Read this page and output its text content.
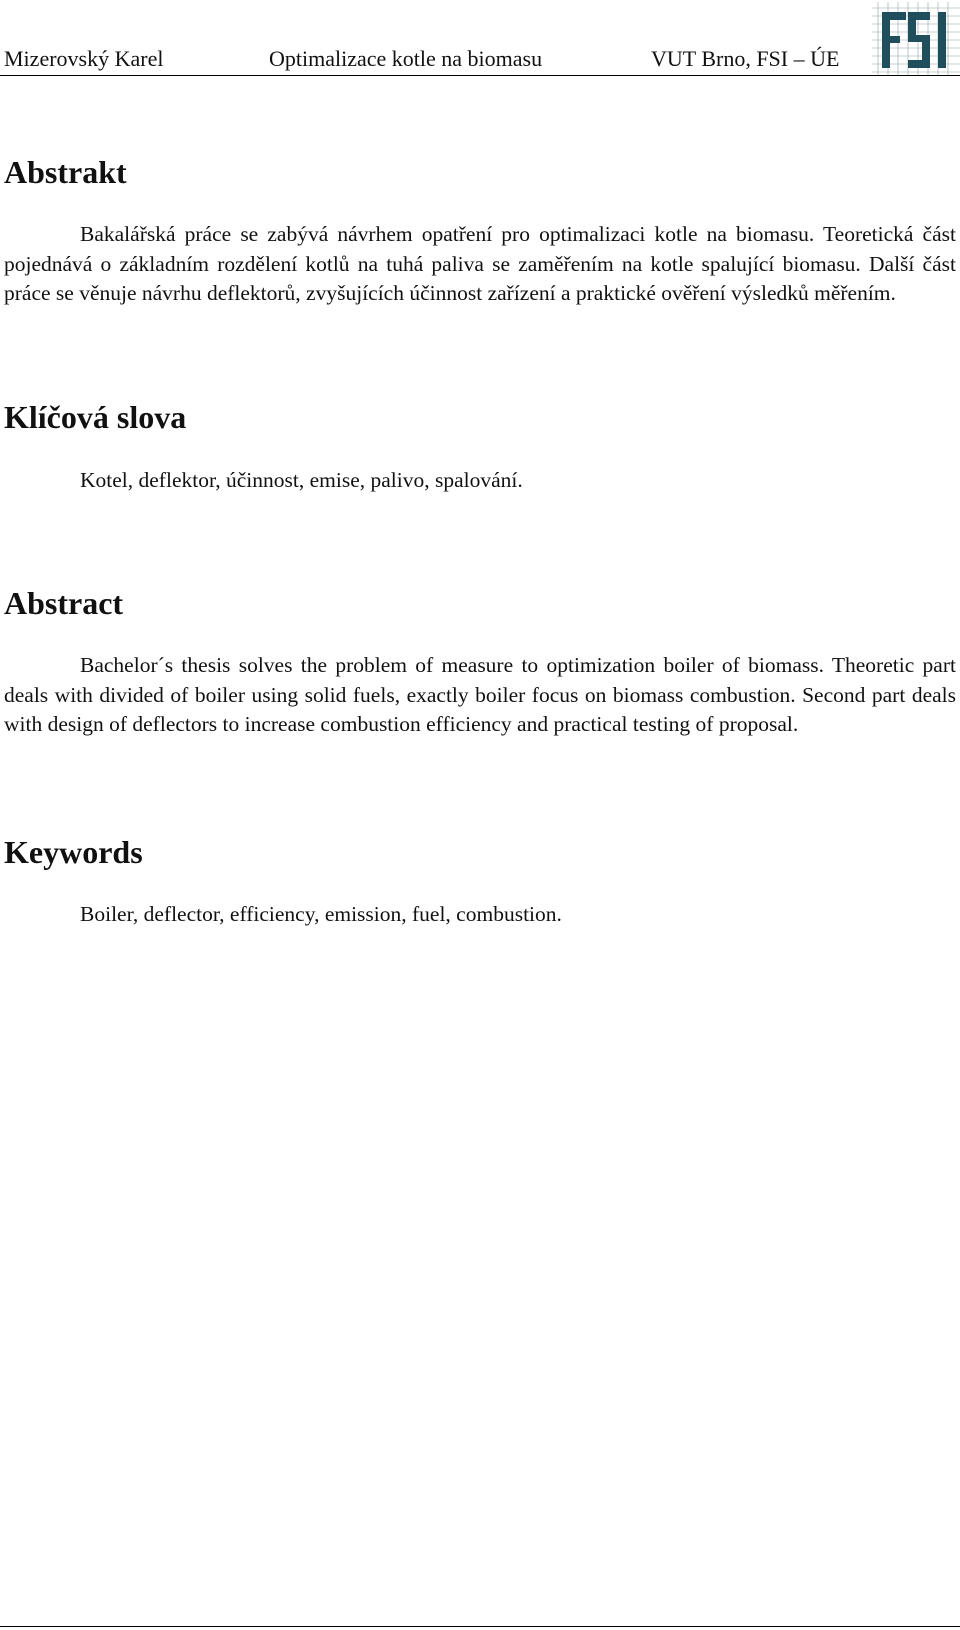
Mizerovský Karel	Optimalizace kotle na biomasu	VUT Brno, FSI – ÚE
Abstrakt

Bakalářská práce se zabývá návrhem opatření pro optimalizaci kotle na biomasu. Teoretická část pojednává o základním rozdělení kotlů na tuhá paliva se zaměřením na kotle spalující biomasu. Další část práce se věnuje návrhu deflektorů, zvyšujících účinnost zařízení a praktické ověření výsledků měřením.

Klíčová slova

Kotel, deflektor, účinnost, emise, palivo, spalování.

Abstract

Bachelor´s thesis solves the problem of measure to optimization boiler of biomass. Theoretic part deals with divided of boiler using solid fuels, exactly boiler focus on biomass combustion. Second part deals with design of deflectors to increase combustion efficiency and practical testing of proposal.

Keywords

Boiler, deflector, efficiency, emission, fuel, combustion.
